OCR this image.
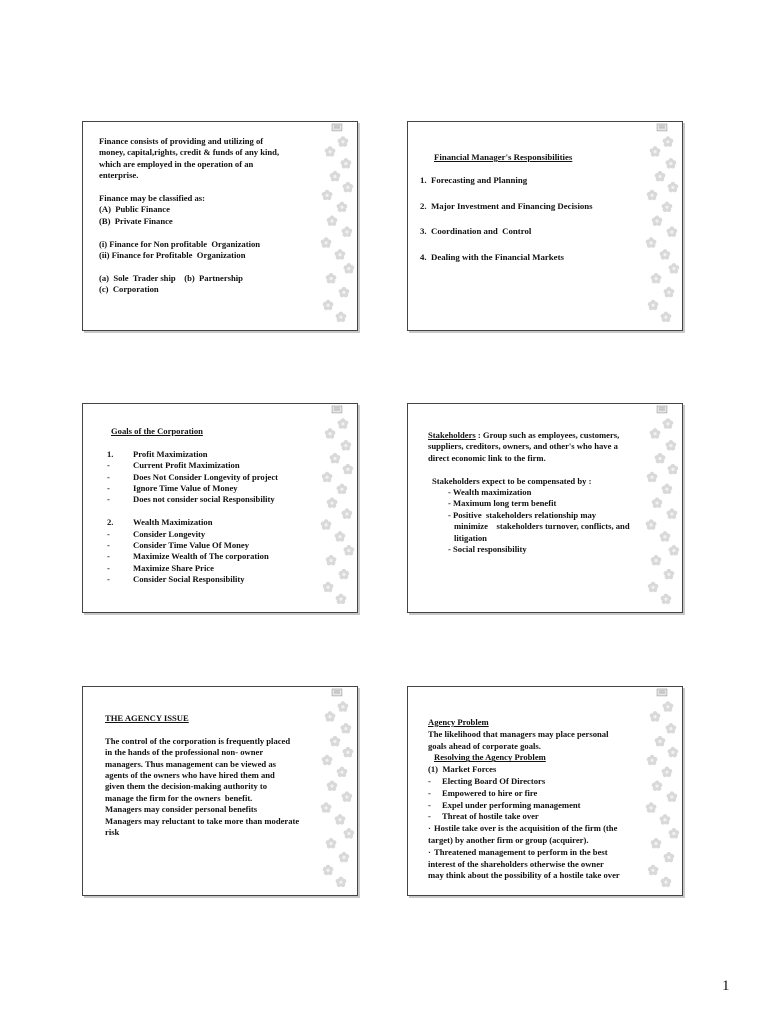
Finance consists of providing and utilizing of
money, capital,rights, credit & funds of any kind,
which are employed in the operation of an
enterprise.
Finance may be classified as:
(A)  Public Finance
(B)  Private Finance
(i) Finance for Non profitable  Organization
(ii) Finance for Profitable  Organization
(a)  Sole  Trader ship    (b)  Partnership
(c)  Corporation
Financial Manager's Responsibilities
1.  Forecasting and Planning
2.  Major Investment and Financing Decisions
3.  Coordination and  Control
4.  Dealing with the Financial Markets
Goals of the Corporation
1.	Profit Maximization
-	Current Profit Maximization
-	Does Not Consider Longevity of project
-	Ignore Time Value of Money
-	Does not consider social Responsibility
2.	Wealth Maximization
-	Consider Longevity
-	Consider Time Value Of Money
-	Maximize Wealth of The corporation
-	Maximize Share Price
-	Consider Social Responsibility
Stakeholders : Group such as employees, customers,
suppliers, creditors, owners, and other's who have a
direct economic link to the firm.
Stakeholders expect to be compensated by :
- Wealth maximization
- Maximum long term benefit
- Positive  stakeholders relationship may
minimize    stakeholders turnover, conflicts, and
litigation
- Social responsibility
THE AGENCY ISSUE
The control of the corporation is frequently placed
in the hands of the professional non- owner
managers. Thus management can be viewed as
agents of the owners who have hired them and
given them the decision-making authority to
manage the firm for the owners  benefit.
Managers may consider personal benefits
Managers may reluctant to take more than moderate
risk
Agency Problem
The likelihood that managers may place personal
goals ahead of corporate goals.
Resolving the Agency Problem
(1)  Market Forces
-	Electing Board Of Directors
-	Empowered to hire or fire
-	Expel under performing management
-	Threat of hostile take over
· Hostile take over is the acquisition of the firm (the
target) by another firm or group (acquirer).
· Threatened management to perform in the best
interest of the shareholders otherwise the owner
may think about the possibility of a hostile take over
1
